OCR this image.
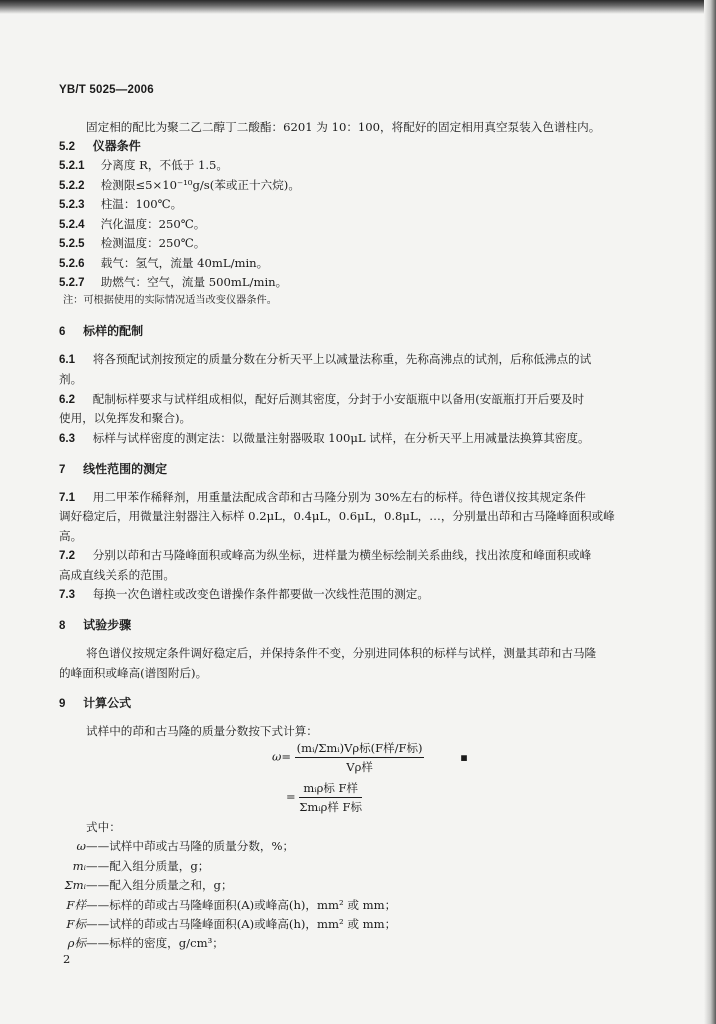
YB/T 5025—2006
固定相的配比为聚二乙二醇丁二酸酯：6201 为 10：100，将配好的固定相用真空泵装入色谱柱内。
5.2 仪器条件
5.2.1 分离度 R，不低于 1.5。
5.2.2 检测限≤5×10⁻¹⁰g/s(苯或正十六烷)。
5.2.3 柱温：100℃。
5.2.4 汽化温度：250℃。
5.2.5 检测温度：250℃。
5.2.6 载气：氢气，流量 40mL/min。
5.2.7 助燃气：空气，流量 500mL/min。
注：可根据使用的实际情况适当改变仪器条件。
6 标样的配制
6.1 将各预配试剂按预定的质量分数在分析天平上以减量法称重，先称高沸点的试剂，后称低沸点的试
剂。
6.2 配制标样要求与试样组成相似，配好后测其密度，分封于小安瓿瓶中以备用(安瓿瓶打开后要及时
使用，以免挥发和聚合)。
6.3 标样与试样密度的测定法：以微量注射器吸取 100μL 试样，在分析天平上用减量法换算其密度。
7 线性范围的测定
7.1 用二甲苯作稀释剂，用重量法配成含茚和古马隆分别为 30%左右的标样。待色谱仪按其规定条件
调好稳定后，用微量注射器注入标样 0.2μL，0.4μL，0.6μL，0.8μL，…，分别量出茚和古马隆峰面积或峰
高。
7.2 分别以茚和古马隆峰面积或峰高为纵坐标，进样量为横坐标绘制关系曲线，找出浓度和峰面积或峰
高成直线关系的范围。
7.3 每换一次色谱柱或改变色谱操作条件都要做一次线性范围的测定。
8 试验步骤
将色谱仪按规定条件调好稳定后，并保持条件不变，分别进同体积的标样与试样，测量其茚和古马隆
的峰面积或峰高(谱图附后)。
9 计算公式
试样中的茚和古马隆的质量分数按下式计算：
$\omega= \frac{\text{(mᵢ/Σmᵢ)Vρ标(F样/F标)}}{\text{Vρ样}}$	▪
= $\frac{\text{mᵢρ标 F样}}{\text{Σmᵢρ样 F标}}$
式中：
ω——试样中茚或古马隆的质量分数，%；
mᵢ——配入组分质量，g；
Σmᵢ——配入组分质量之和，g；
F样——标样的茚或古马隆峰面积(A)或峰高(h)，mm² 或 mm；
F标——试样的茚或古马隆峰面积(A)或峰高(h)，mm² 或 mm；
ρ标——标样的密度，g/cm³；
2
